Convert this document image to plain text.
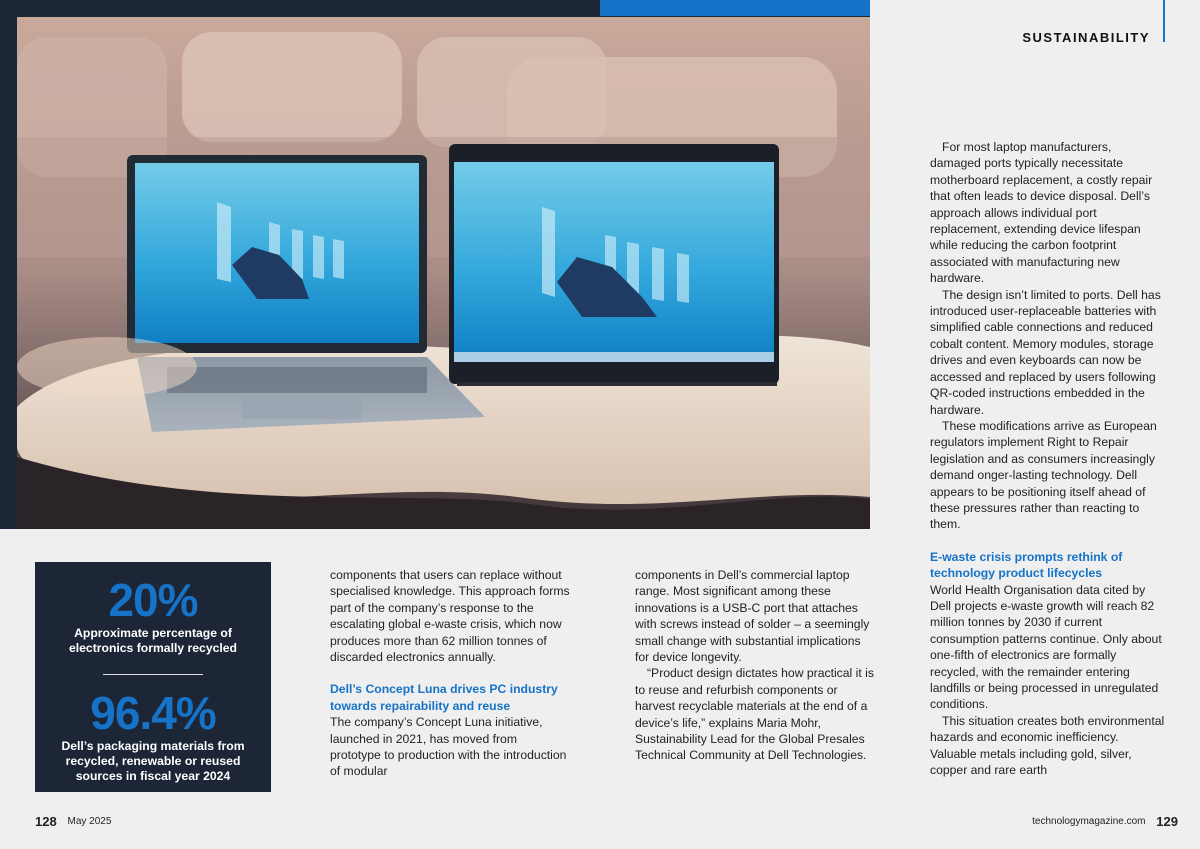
SUSTAINABILITY
20%
Approximate percentage of electronics formally recycled
96.4%
Dell’s packaging materials from recycled, renewable or reused sources in fiscal year 2024

components that users can replace without specialised knowledge. This approach forms part of the company’s response to the escalating global e-waste crisis, which now produces more than 62 million tonnes of discarded electronics annually.

Dell’s Concept Luna drives PC industry towards repairability and reuse

The company’s Concept Luna initiative, launched in 2021, has moved from prototype to production with the introduction of modular

components in Dell’s commercial laptop range. Most significant among these innovations is a USB-C port that attaches with screws instead of solder – a seemingly small change with substantial implications for device longevity.

“Product design dictates how practical it is to reuse and refurbish components or harvest recyclable materials at the end of a device’s life,” explains Maria Mohr, Sustainability Lead for the Global Presales Technical Community at Dell Technologies.

For most laptop manufacturers, damaged ports typically necessitate motherboard replacement, a costly repair that often leads to device disposal. Dell’s approach allows individual port replacement, extending device lifespan while reducing the carbon footprint associated with manufacturing new hardware.

The design isn’t limited to ports. Dell has introduced user-replaceable batteries with simplified cable connections and reduced cobalt content. Memory modules, storage drives and even keyboards can now be accessed and replaced by users following QR-coded instructions embedded in the hardware.

These modifications arrive as European regulators implement Right to Repair legislation and as consumers increasingly demand onger-lasting technology. Dell appears to be positioning itself ahead of these pressures rather than reacting to them.

E-waste crisis prompts rethink of technology product lifecycles

World Health Organisation data cited by Dell projects e-waste growth will reach 82 million tonnes by 2030 if current consumption patterns continue. Only about one-fifth of electronics are formally recycled, with the remainder entering landfills or being processed in unregulated conditions.

This situation creates both environmental hazards and economic inefficiency. Valuable metals including gold, silver, copper and rare earth

128 May 2025	technologymagazine.com 129
